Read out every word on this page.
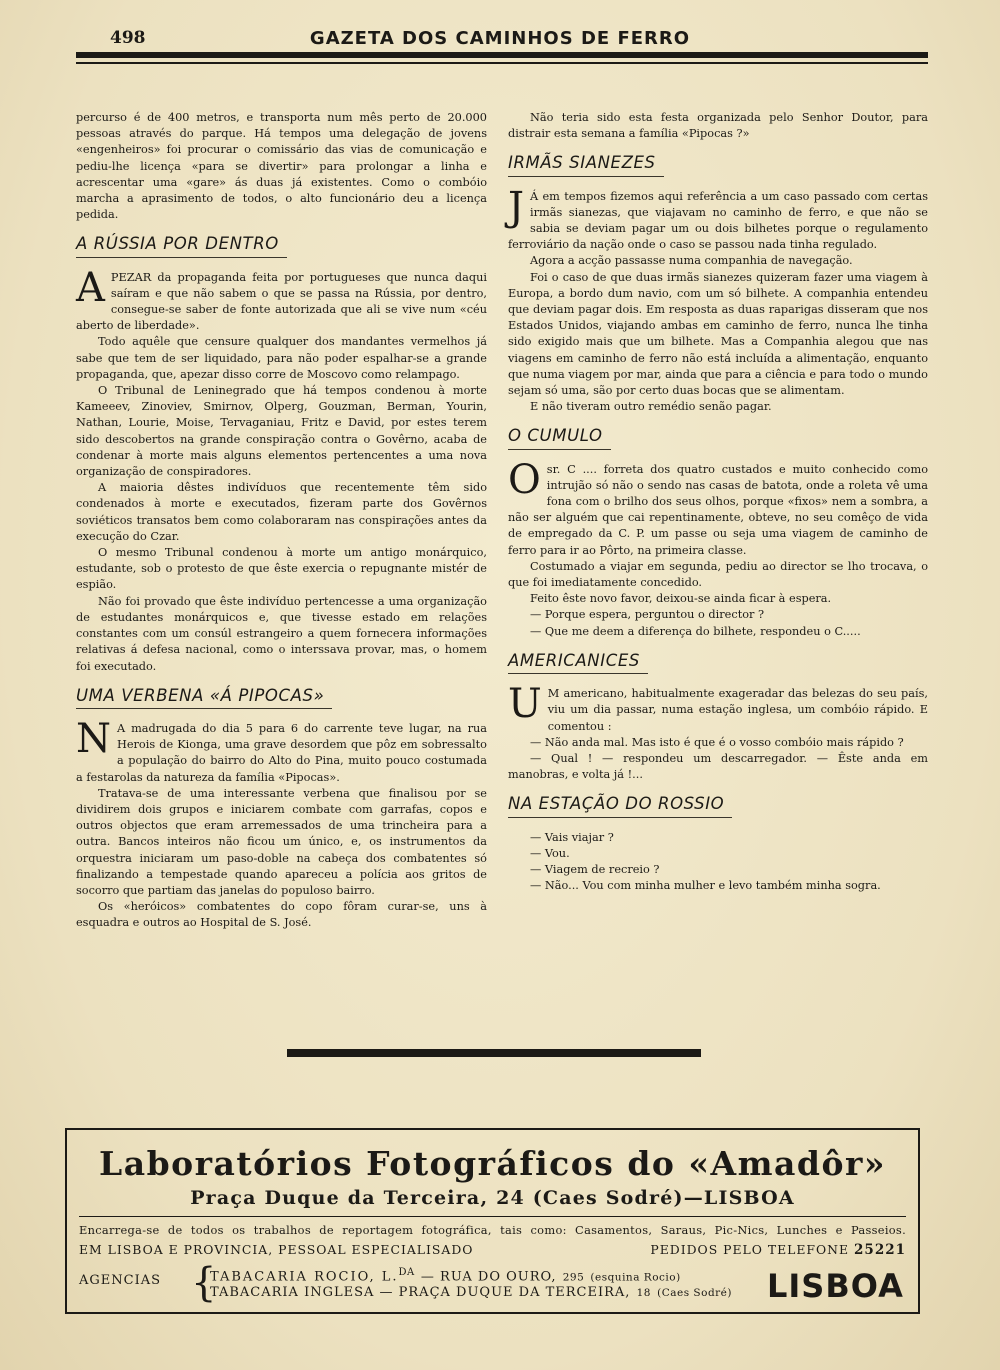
498	GAZETA DOS CAMINHOS DE FERRO

percurso é de 400 metros, e transporta num mês perto de 20.000 pessoas através do parque. Há tempos uma delegação de jovens «engenheiros» foi procurar o comissário das vias de comunicação e pediu-lhe licença «para se divertir» para prolongar a linha e acrescentar uma «gare» ás duas já existentes. Como o combóio marcha a aprasimento de todos, o alto funcionário deu a licença pedida.

A RÚSSIA POR DENTRO

APEZAR da propaganda feita por portugueses que nunca daqui saíram e que não sabem o que se passa na Rússia, por dentro, consegue-se saber de fonte autorizada que ali se vive num «céu aberto de liberdade».

Todo aquêle que censure qualquer dos mandantes vermelhos já sabe que tem de ser liquidado, para não poder espalhar-se a grande propaganda, que, apezar disso corre de Moscovo como relampago.

O Tribunal de Leninegrado que há tempos condenou à morte Kameeev, Zinoviev, Smirnov, Olperg, Gouzman, Berman, Yourin, Nathan, Lourie, Moise, Tervaganiau, Fritz e David, por estes terem sido descobertos na grande conspiração contra o Govêrno, acaba de condenar à morte mais alguns elementos pertencentes a uma nova organização de conspiradores.

A maioria dêstes indivíduos que recentemente têm sido condenados à morte e executados, fizeram parte dos Govêrnos soviéticos transatos bem como colaboraram nas conspirações antes da execução do Czar.

O mesmo Tribunal condenou à morte um antigo monárquico, estudante, sob o protesto de que êste exercia o repugnante mistér de espião.

Não foi provado que êste indivíduo pertencesse a uma organização de estudantes monárquicos e, que tivesse estado em relações constantes com um consúl estrangeiro a quem fornecera informações relativas á defesa nacional, como o interssava provar, mas, o homem foi executado.

UMA VERBENA «Á PIPOCAS»

N A madrugada do dia 5 para 6 do carrente teve lugar, na rua Herois de Kionga, uma grave desordem que pôz em sobressalto a população do bairro do Alto do Pina, muito pouco costumada a festarolas da natureza da família «Pipocas».

Tratava-se de uma interessante verbena que finalisou por se dividirem dois grupos e iniciarem combate com garrafas, copos e outros objectos que eram arremessados de uma trincheira para a outra. Bancos inteiros não ficou um único, e, os instrumentos da orquestra iniciaram um paso-doble na cabeça dos combatentes só finalizando a tempestade quando apareceu a polícia aos gritos de socorro que partiam das janelas do populoso bairro.

Os «heróicos» combatentes do copo fôram curar-se, uns à esquadra e outros ao Hospital de S. José.

Não teria sido esta festa organizada pelo Senhor Doutor, para distrair esta semana a família «Pipocas ?»

IRMÃS SIANEZES

J Á em tempos fizemos aqui referência a um caso passado com certas irmãs sianezas, que viajavam no caminho de ferro, e que não se sabia se deviam pagar um ou dois bilhetes porque o regulamento ferroviário da nação onde o caso se passou nada tinha regulado.

Agora a acção passasse numa companhia de navegação.

Foi o caso de que duas irmãs sianezes quizeram fazer uma viagem à Europa, a bordo dum navio, com um só bilhete. A companhia entendeu que deviam pagar dois. Em resposta as duas raparigas disseram que nos Estados Unidos, viajando ambas em caminho de ferro, nunca lhe tinha sido exigido mais que um bilhete. Mas a Companhia alegou que nas viagens em caminho de ferro não está incluída a alimentação, enquanto que numa viagem por mar, ainda que para a ciência e para todo o mundo sejam só uma, são por certo duas bocas que se alimentam.

E não tiveram outro remédio senão pagar.

O CUMULO

Osr. C .... forreta dos quatro custados e muito conhecido como intrujão só não o sendo nas casas de batota, onde a roleta vê uma fona com o brilho dos seus olhos, porque «fixos» nem a sombra, a não ser alguém que cai repentinamente, obteve, no seu comêço de vida de empregado da C. P. um passe ou seja uma viagem de caminho de ferro para ir ao Pôrto, na primeira classe.

Costumado a viajar em segunda, pediu ao director se lho trocava, o que foi imediatamente concedido.

Feito êste novo favor, deixou-se ainda ficar à espera.

— Porque espera, perguntou o director ?

— Que me deem a diferença do bilhete, respondeu o C.....

AMERICANICES

U M americano, habitualmente exageradar das belezas do seu país, viu um dia passar, numa estação inglesa, um combóio rápido. E comentou :

— Não anda mal. Mas isto é que é o vosso combóio mais rápido ?

— Qual ! — respondeu um descarregador. — Êste anda em manobras, e volta já !...

NA ESTAÇÃO DO ROSSIO

— Vais viajar ?

— Vou.

— Viagem de recreio ?

— Não... Vou com minha mulher e levo também minha sogra.

Laboratórios Fotográficos do «Amadôr»
Praça Duque da Terceira, 24 (Caes Sodré)—LISBOA
Encarrega-se de todos os trabalhos de reportagem fotográfica, tais como: Casamentos, Saraus, Pic-Nics, Lunches e Passeios.
EM LISBOA E PROVINCIA, PESSOAL ESPECIALISADO	PEDIDOS PELO TELEFONE 25221
AGENCIAS {
TABACARIA ROCIO, L.$^{DA}$ — RUA DO OURO, 295 (esquina Rocio)
TABACARIA INGLESA — PRAÇA DUQUE DA TERCEIRA, 18 (Caes Sodré) LISBOA
